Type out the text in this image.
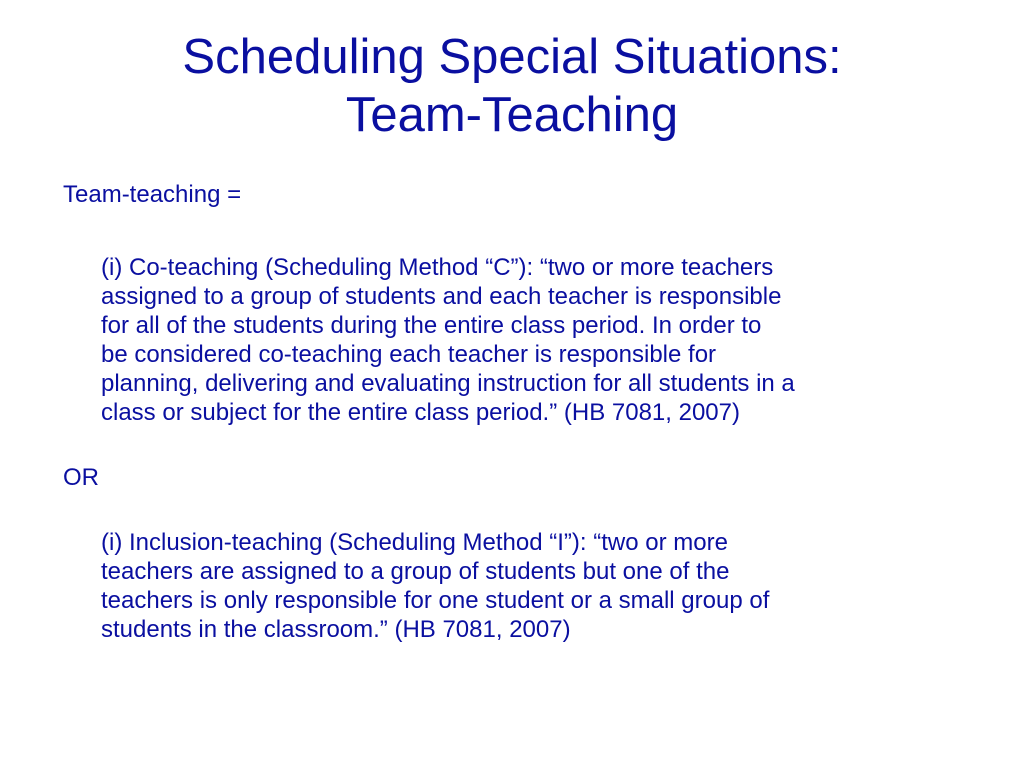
Scheduling Special Situations:
Team-Teaching

Team-teaching =

(i) Co-teaching (Scheduling Method “C”): “two or more teachers
assigned to a group of students and each teacher is responsible
for all of the students during the entire class period. In order to
be considered co-teaching each teacher is responsible for
planning, delivering and evaluating instruction for all students in a
class or subject for the entire class period.” (HB 7081, 2007)

OR

(i) Inclusion-teaching (Scheduling Method “I”): “two or more
teachers are assigned to a group of students but one of the
teachers is only responsible for one student or a small group of
students in the classroom.” (HB 7081, 2007)
